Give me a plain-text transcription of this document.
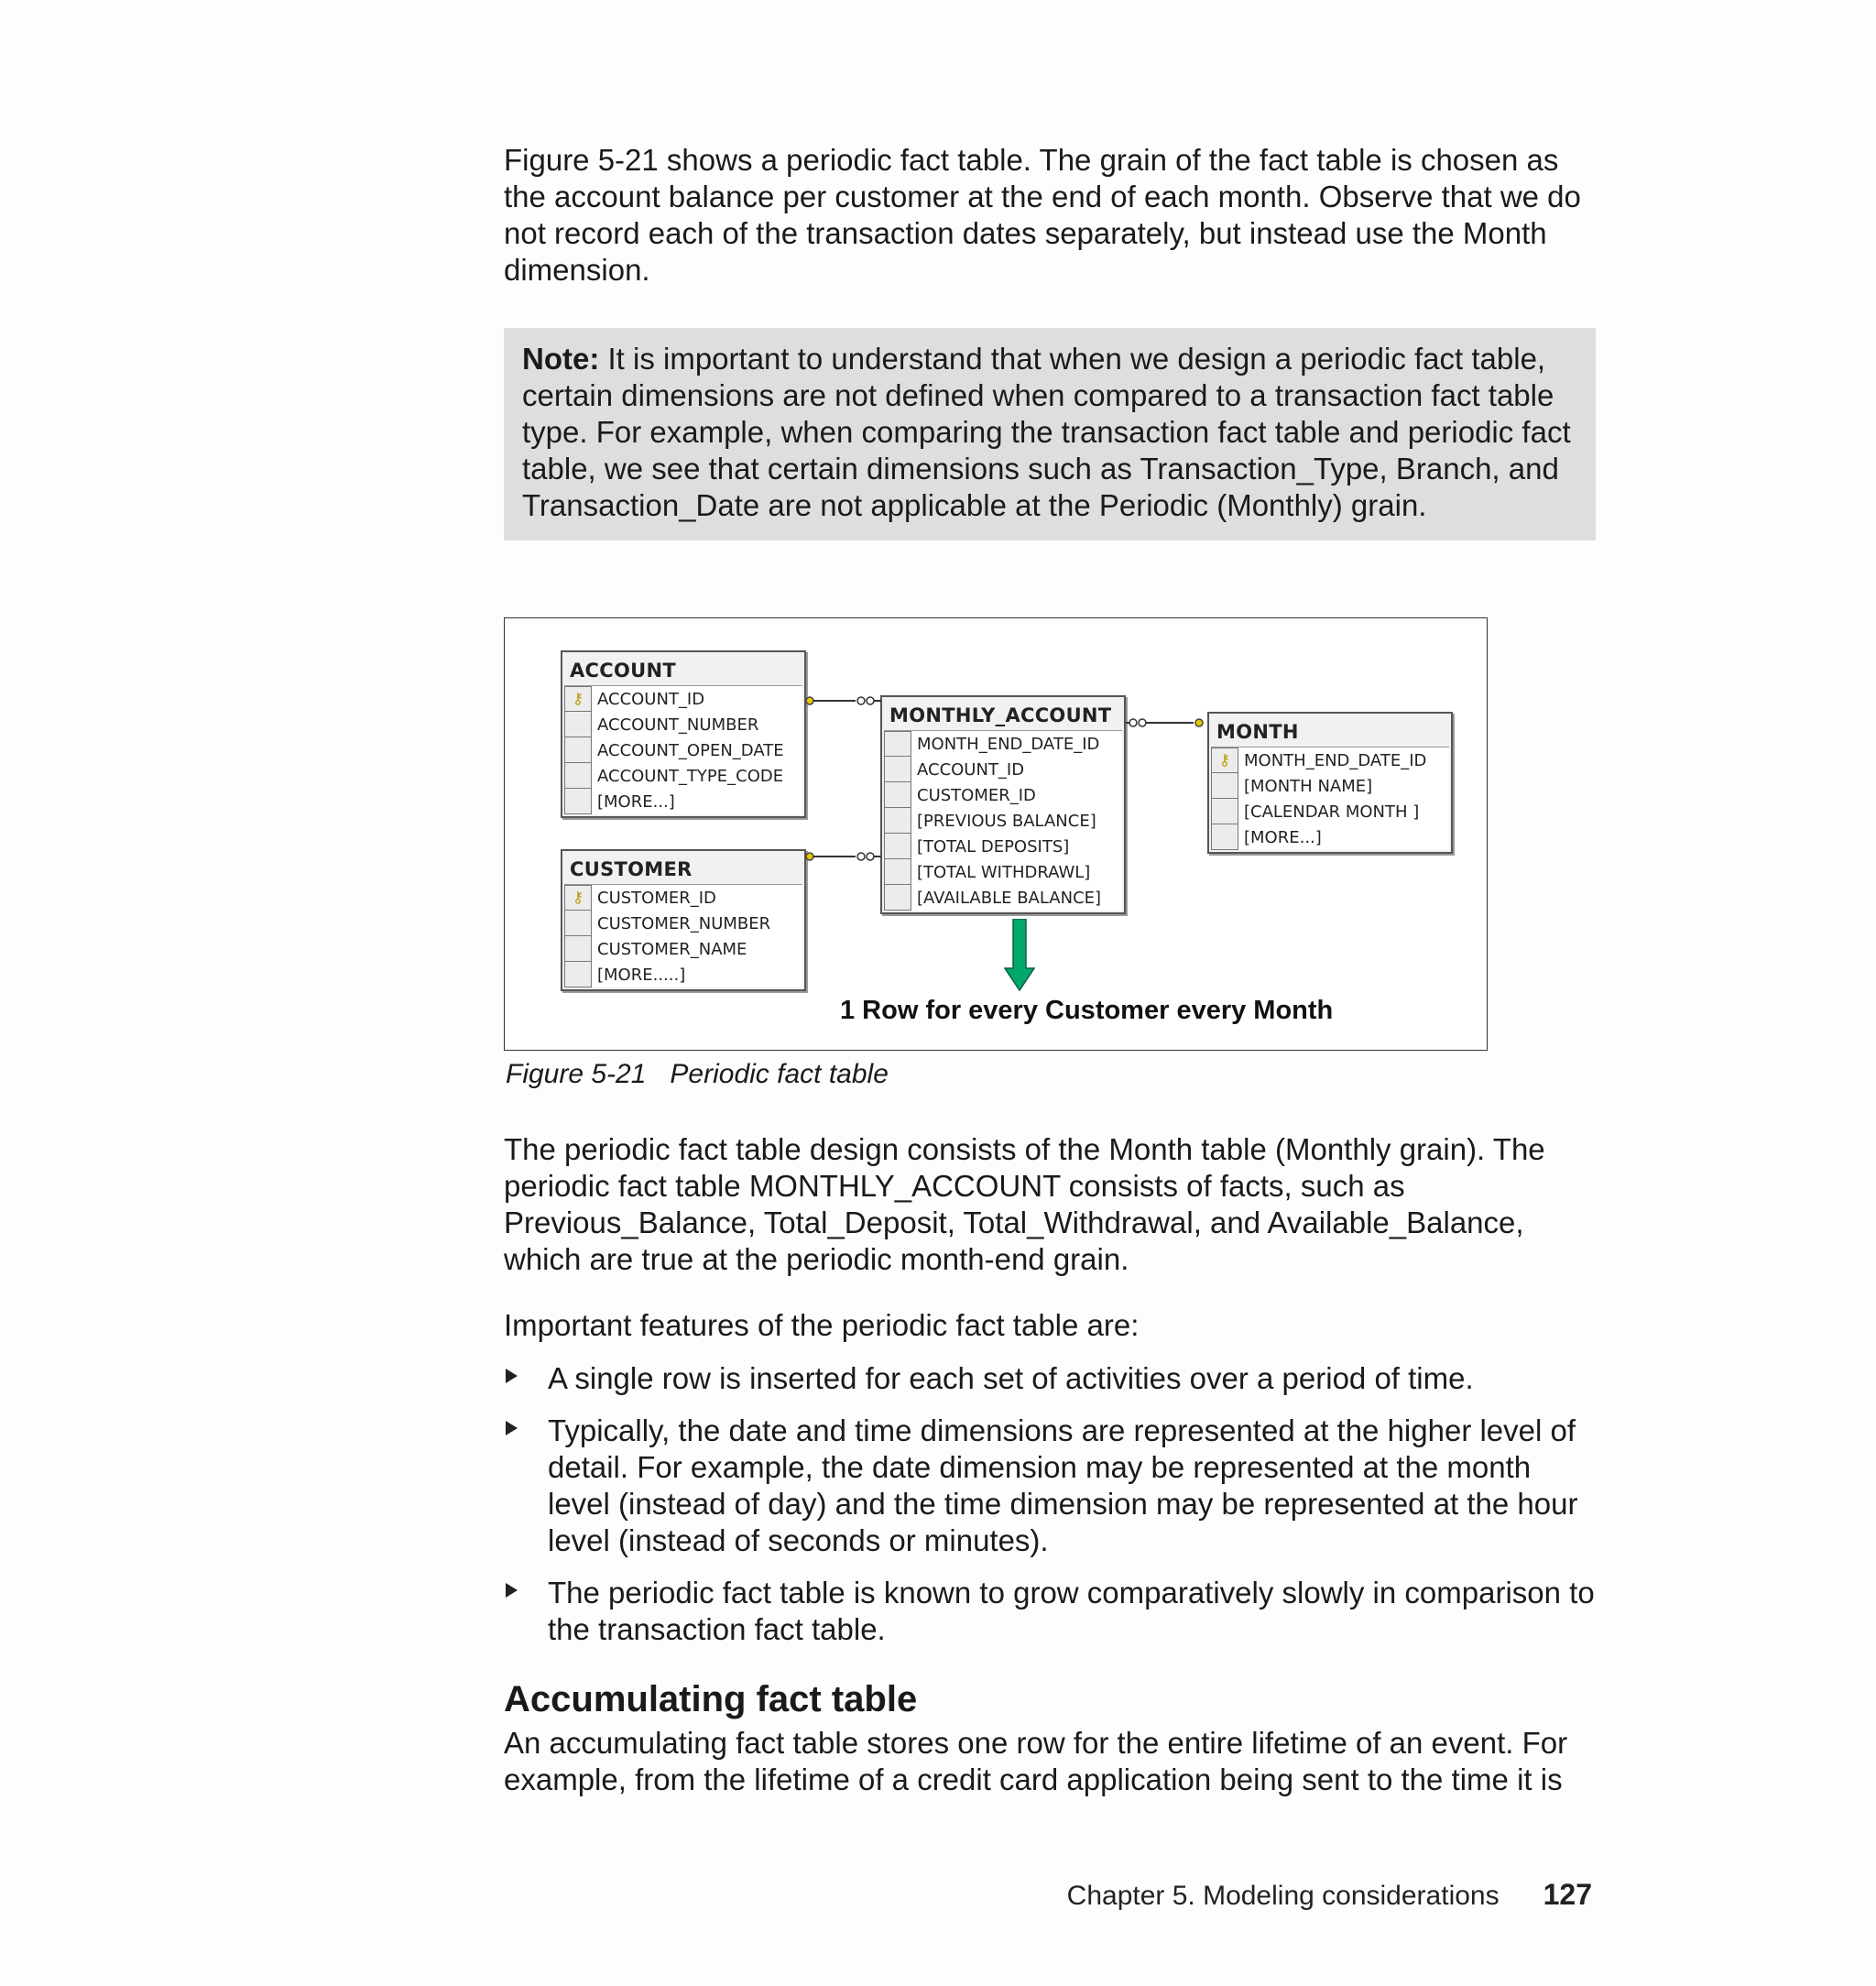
Figure 5-21 shows a periodic fact table. The grain of the fact table is chosen as the account balance per customer at the end of each month. Observe that we do not record each of the transaction dates separately, but instead use the Month dimension.

Note: It is important to understand that when we design a periodic fact table, certain dimensions are not defined when compared to a transaction fact table type. For example, when comparing the transaction fact table and periodic fact table, we see that certain dimensions such as Transaction_Type, Branch, and Transaction_Date are not applicable at the Periodic (Monthly) grain.
ACCOUNT
⚷ ACCOUNT_ID
ACCOUNT_NUMBER
ACCOUNT_OPEN_DATE
ACCOUNT_TYPE_CODE
[MORE...]
CUSTOMER
⚷ CUSTOMER_ID
CUSTOMER_NUMBER
CUSTOMER_NAME
[MORE.....]
MONTHLY_ACCOUNT
MONTH_END_DATE_ID
ACCOUNT_ID
CUSTOMER_ID
[PREVIOUS BALANCE]
[TOTAL DEPOSITS]
[TOTAL WITHDRAWL]
[AVAILABLE BALANCE]
MONTH
⚷ MONTH_END_DATE_ID
[MONTH NAME]
[CALENDAR MONTH ]
[MORE...]
1 Row for every Customer every Month
Figure 5-21 Periodic fact table

The periodic fact table design consists of the Month table (Monthly grain). The periodic fact table MONTHLY_ACCOUNT consists of facts, such as Previous_Balance, Total_Deposit, Total_Withdrawal, and Available_Balance, which are true at the periodic month-end grain.

Important features of the periodic fact table are:

A single row is inserted for each set of activities over a period of time.
Typically, the date and time dimensions are represented at the higher level of detail. For example, the date dimension may be represented at the month level (instead of day) and the time dimension may be represented at the hour level (instead of seconds or minutes).
The periodic fact table is known to grow comparatively slowly in comparison to the transaction fact table.
Accumulating fact table

An accumulating fact table stores one row for the entire lifetime of an event. For example, from the lifetime of a credit card application being sent to the time it is

Chapter 5. Modeling considerations 127
